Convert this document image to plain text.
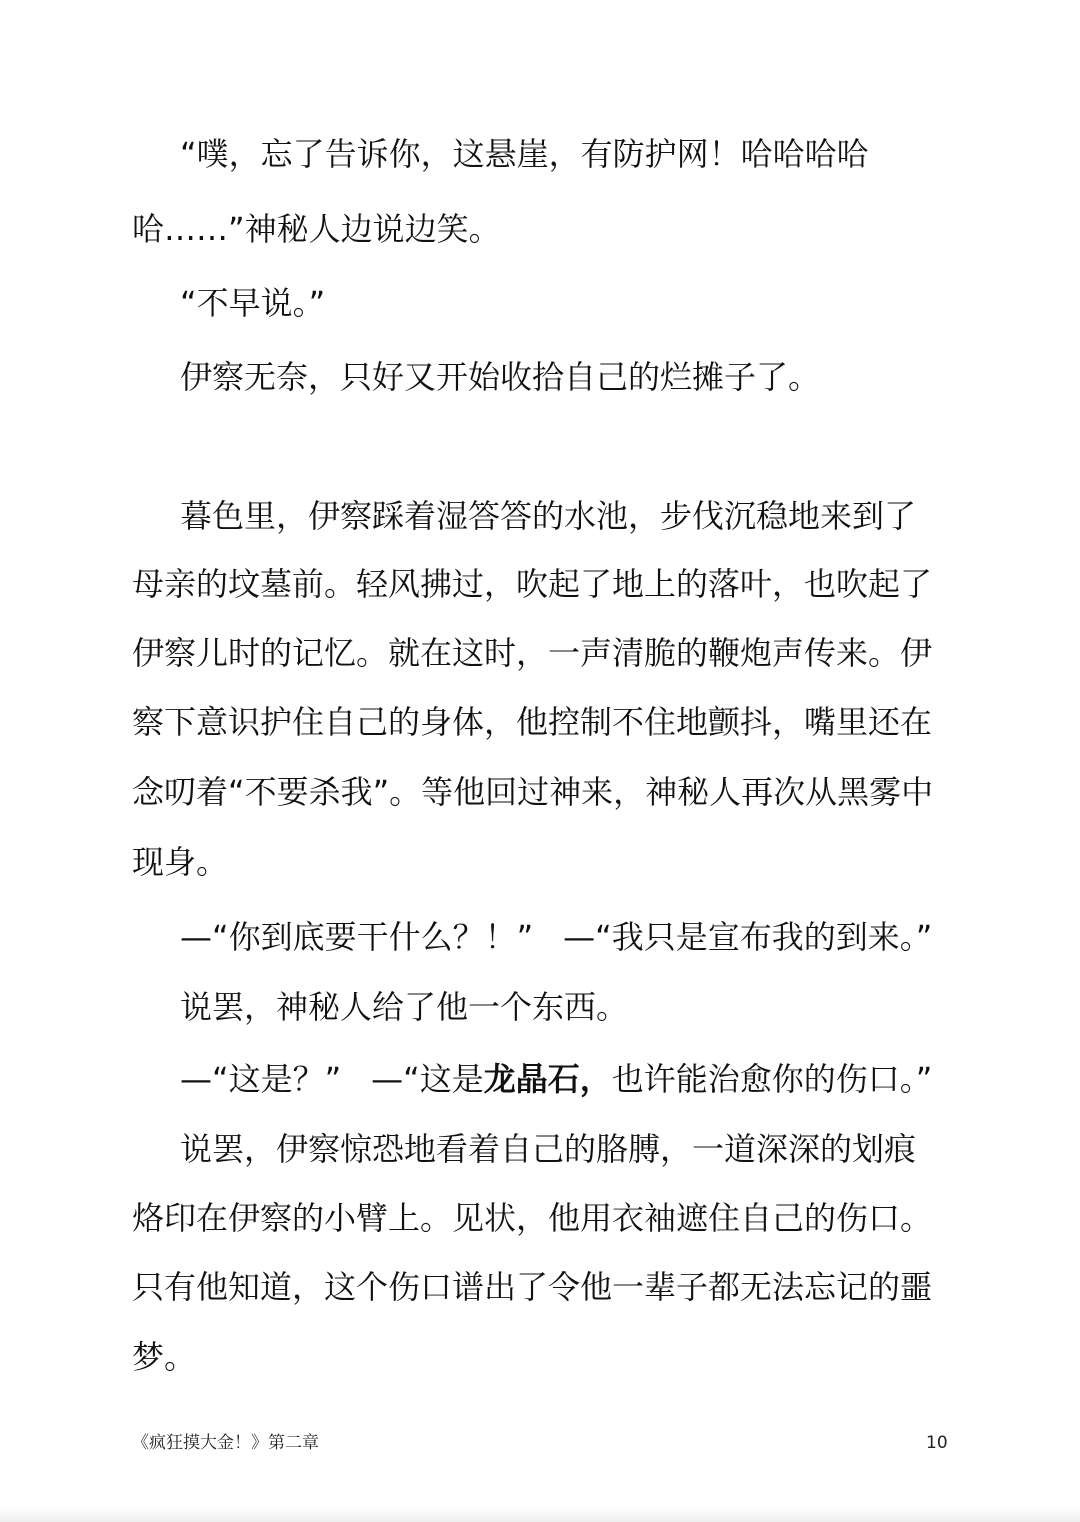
“噗，忘了告诉你，这悬崖，有防护网！哈哈哈哈
哈……”神秘人边说边笑。
“不早说。”
伊察无奈，只好又开始收拾自己的烂摊子了。
暮色里，伊察踩着湿答答的水池，步伐沉稳地来到了
母亲的坟墓前。轻风拂过，吹起了地上的落叶，也吹起了
伊察儿时的记忆。就在这时，一声清脆的鞭炮声传来。伊
察下意识护住自己的身体，他控制不住地颤抖，嘴里还在
念叨着“不要杀我”。等他回过神来，神秘人再次从黑雾中
现身。
—“你到底要干什么？！” —“我只是宣布我的到来。”
说罢，神秘人给了他一个东西。
—“这是？” —“这是龙晶石，也许能治愈你的伤口。”
说罢，伊察惊恐地看着自己的胳膊，一道深深的划痕
烙印在伊察的小臂上。见状，他用衣袖遮住自己的伤口。
只有他知道，这个伤口谱出了令他一辈子都无法忘记的噩
梦。
《疯狂摸大金！》第二章	10
